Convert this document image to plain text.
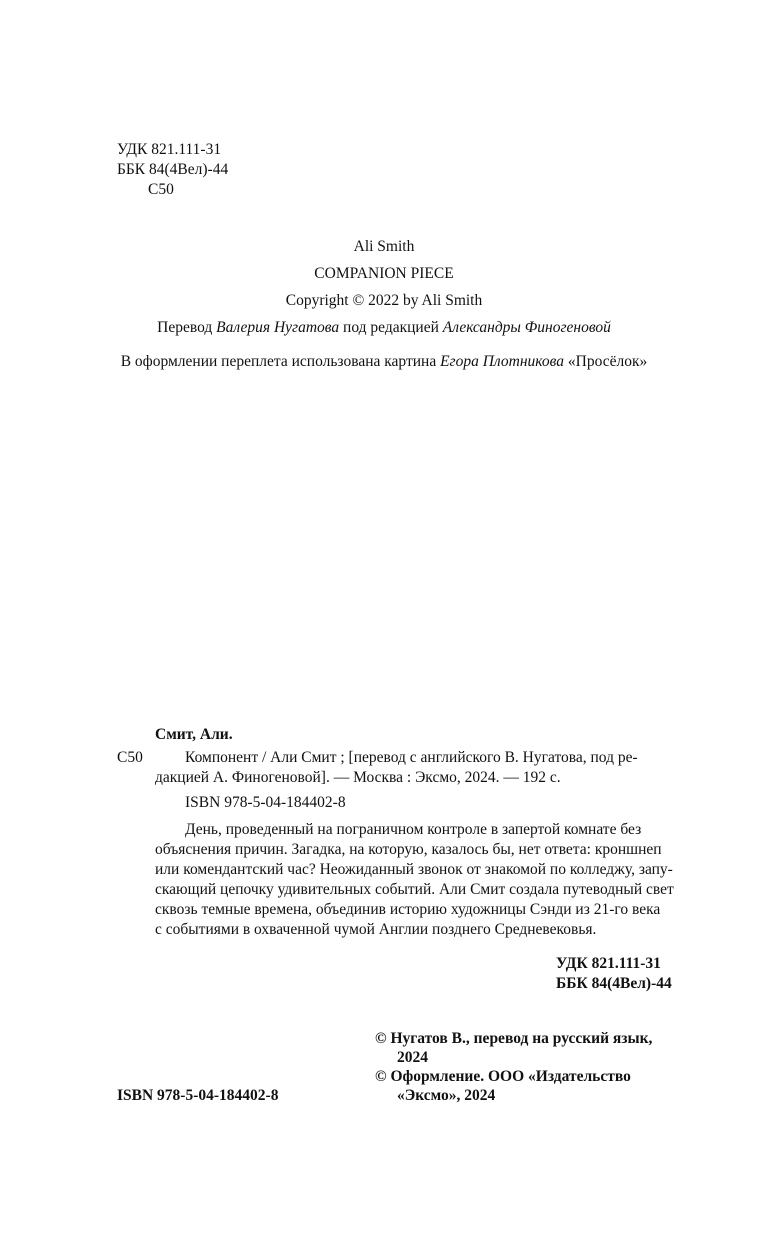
УДК 821.111-31
ББК 84(4Вел)-44
С50
Ali Smith
COMPANION PIECE
Copyright © 2022 by Ali Smith
Перевод Валерия Нугатова под редакцией Александры Финогеновой
В оформлении переплета использована картина Егора Плотникова «Просёлок»
Смит, Али.
С50	Компонент / Али Смит ; [перевод с английского В. Нугатова, под ре-
дакцией А. Финогеновой]. — Москва : Эксмо, 2024. — 192 с.
ISBN 978-5-04-184402-8
День, проведенный на пограничном контроле в запертой комнате без
объяснения причин. Загадка, на которую, казалось бы, нет ответа: кроншнеп
или комендантский час? Неожиданный звонок от знакомой по колледжу, запу-
скающий цепочку удивительных событий. Али Смит создала путеводный свет
сквозь темные времена, объединив историю художницы Сэнди из 21-го века
с событиями в охваченной чумой Англии позднего Средневековья.
УДК 821.111-31
ББК 84(4Вел)-44
© Нугатов В., перевод на русский язык,
2024
© Оформление. ООО «Издательство
«Эксмо», 2024
ISBN 978-5-04-184402-8
